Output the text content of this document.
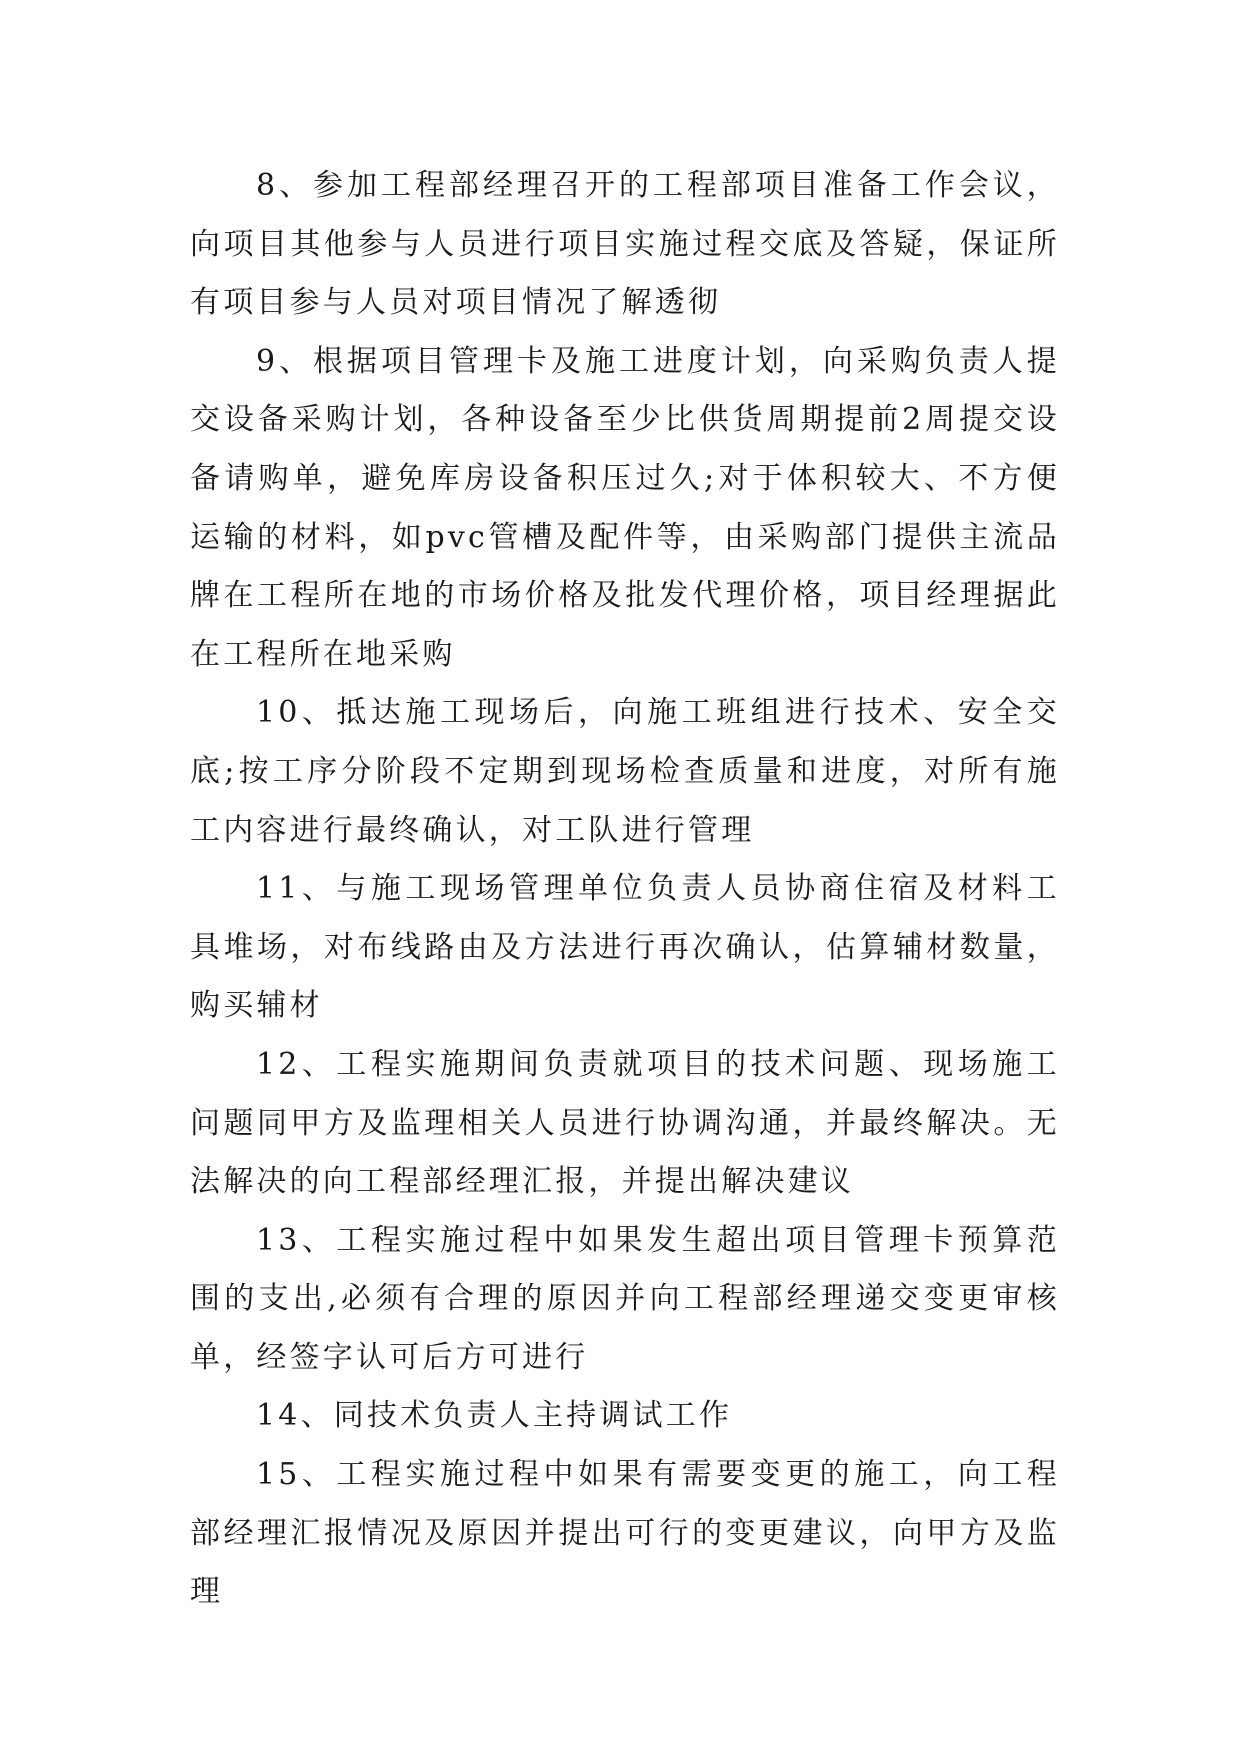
8、参加工程部经理召开的工程部项目准备工作会议，向项目其他参与人员进行项目实施过程交底及答疑，保证所有项目参与人员对项目情况了解透彻

9、根据项目管理卡及施工进度计划，向采购负责人提交设备采购计划，各种设备至少比供货周期提前2周提交设备请购单，避免库房设备积压过久;对于体积较大、不方便运输的材料，如pvc管槽及配件等，由采购部门提供主流品牌在工程所在地的市场价格及批发代理价格，项目经理据此在工程所在地采购

10、抵达施工现场后，向施工班组进行技术、安全交底;按工序分阶段不定期到现场检查质量和进度，对所有施工内容进行最终确认，对工队进行管理

11、与施工现场管理单位负责人员协商住宿及材料工具堆场，对布线路由及方法进行再次确认，估算辅材数量，购买辅材

12、工程实施期间负责就项目的技术问题、现场施工问题同甲方及监理相关人员进行协调沟通，并最终解决。无法解决的向工程部经理汇报，并提出解决建议

13、工程实施过程中如果发生超出项目管理卡预算范围的支出,必须有合理的原因并向工程部经理递交变更审核单，经签字认可后方可进行

14、同技术负责人主持调试工作

15、工程实施过程中如果有需要变更的施工，向工程部经理汇报情况及原因并提出可行的变更建议，向甲方及监理
